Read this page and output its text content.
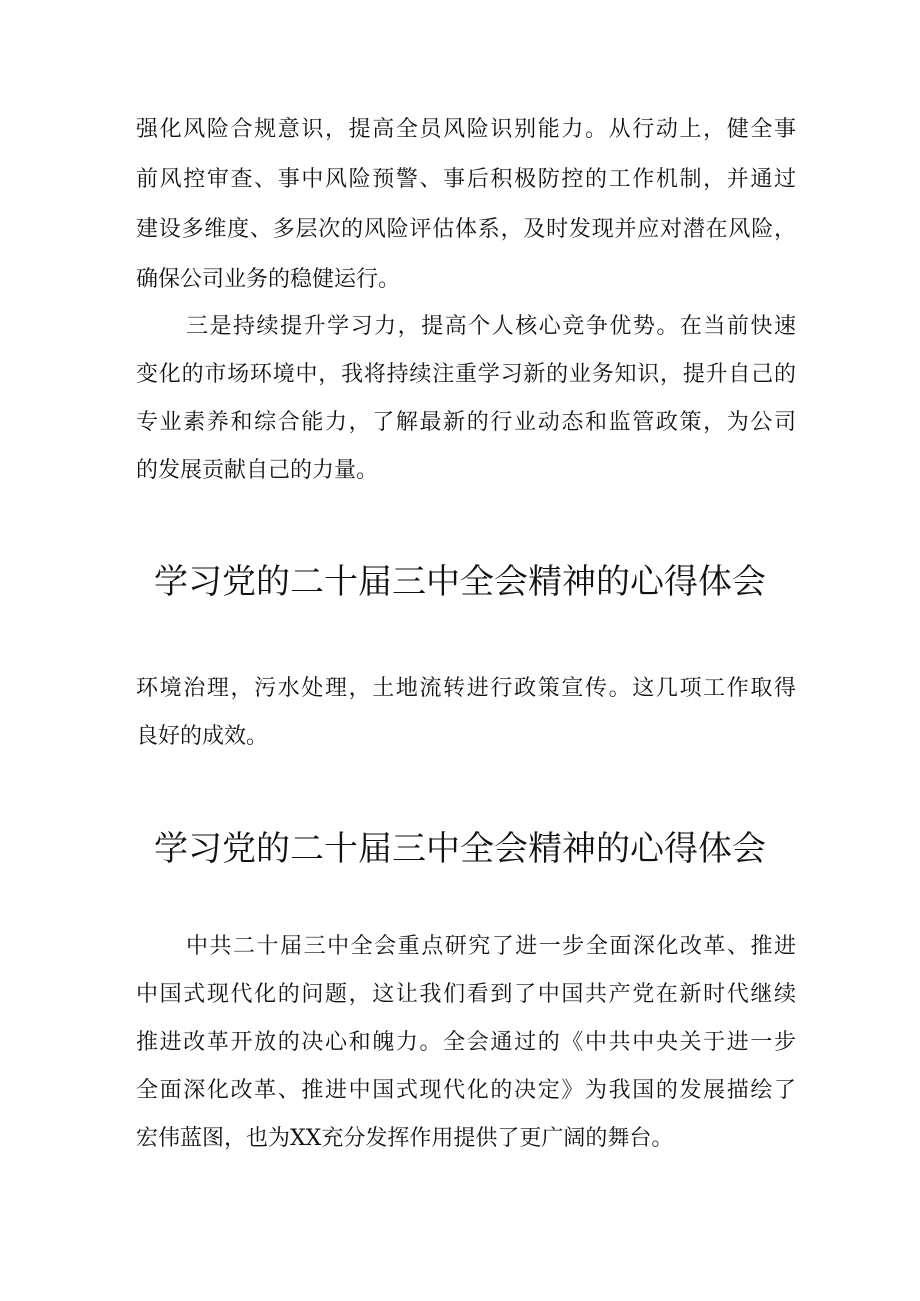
强化风险合规意识，提高全员风险识别能力。从行动上，健全事
前风控审查、事中风险预警、事后积极防控的工作机制，并通过
建设多维度、多层次的风险评估体系，及时发现并应对潜在风险，
确保公司业务的稳健运行。
三是持续提升学习力，提高个人核心竞争优势。在当前快速
变化的市场环境中，我将持续注重学习新的业务知识，提升自己的
专业素养和综合能力，了解最新的行业动态和监管政策，为公司
的发展贡献自己的力量。
学习党的二十届三中全会精神的心得体会
环境治理，污水处理，土地流转进行政策宣传。这几项工作取得
良好的成效。
学习党的二十届三中全会精神的心得体会
中共二十届三中全会重点研究了进一步全面深化改革、推进
中国式现代化的问题，这让我们看到了中国共产党在新时代继续
推进改革开放的决心和魄力。全会通过的《中共中央关于进一步
全面深化改革、推进中国式现代化的决定》为我国的发展描绘了
宏伟蓝图，也为XX充分发挥作用提供了更广阔的舞台。
